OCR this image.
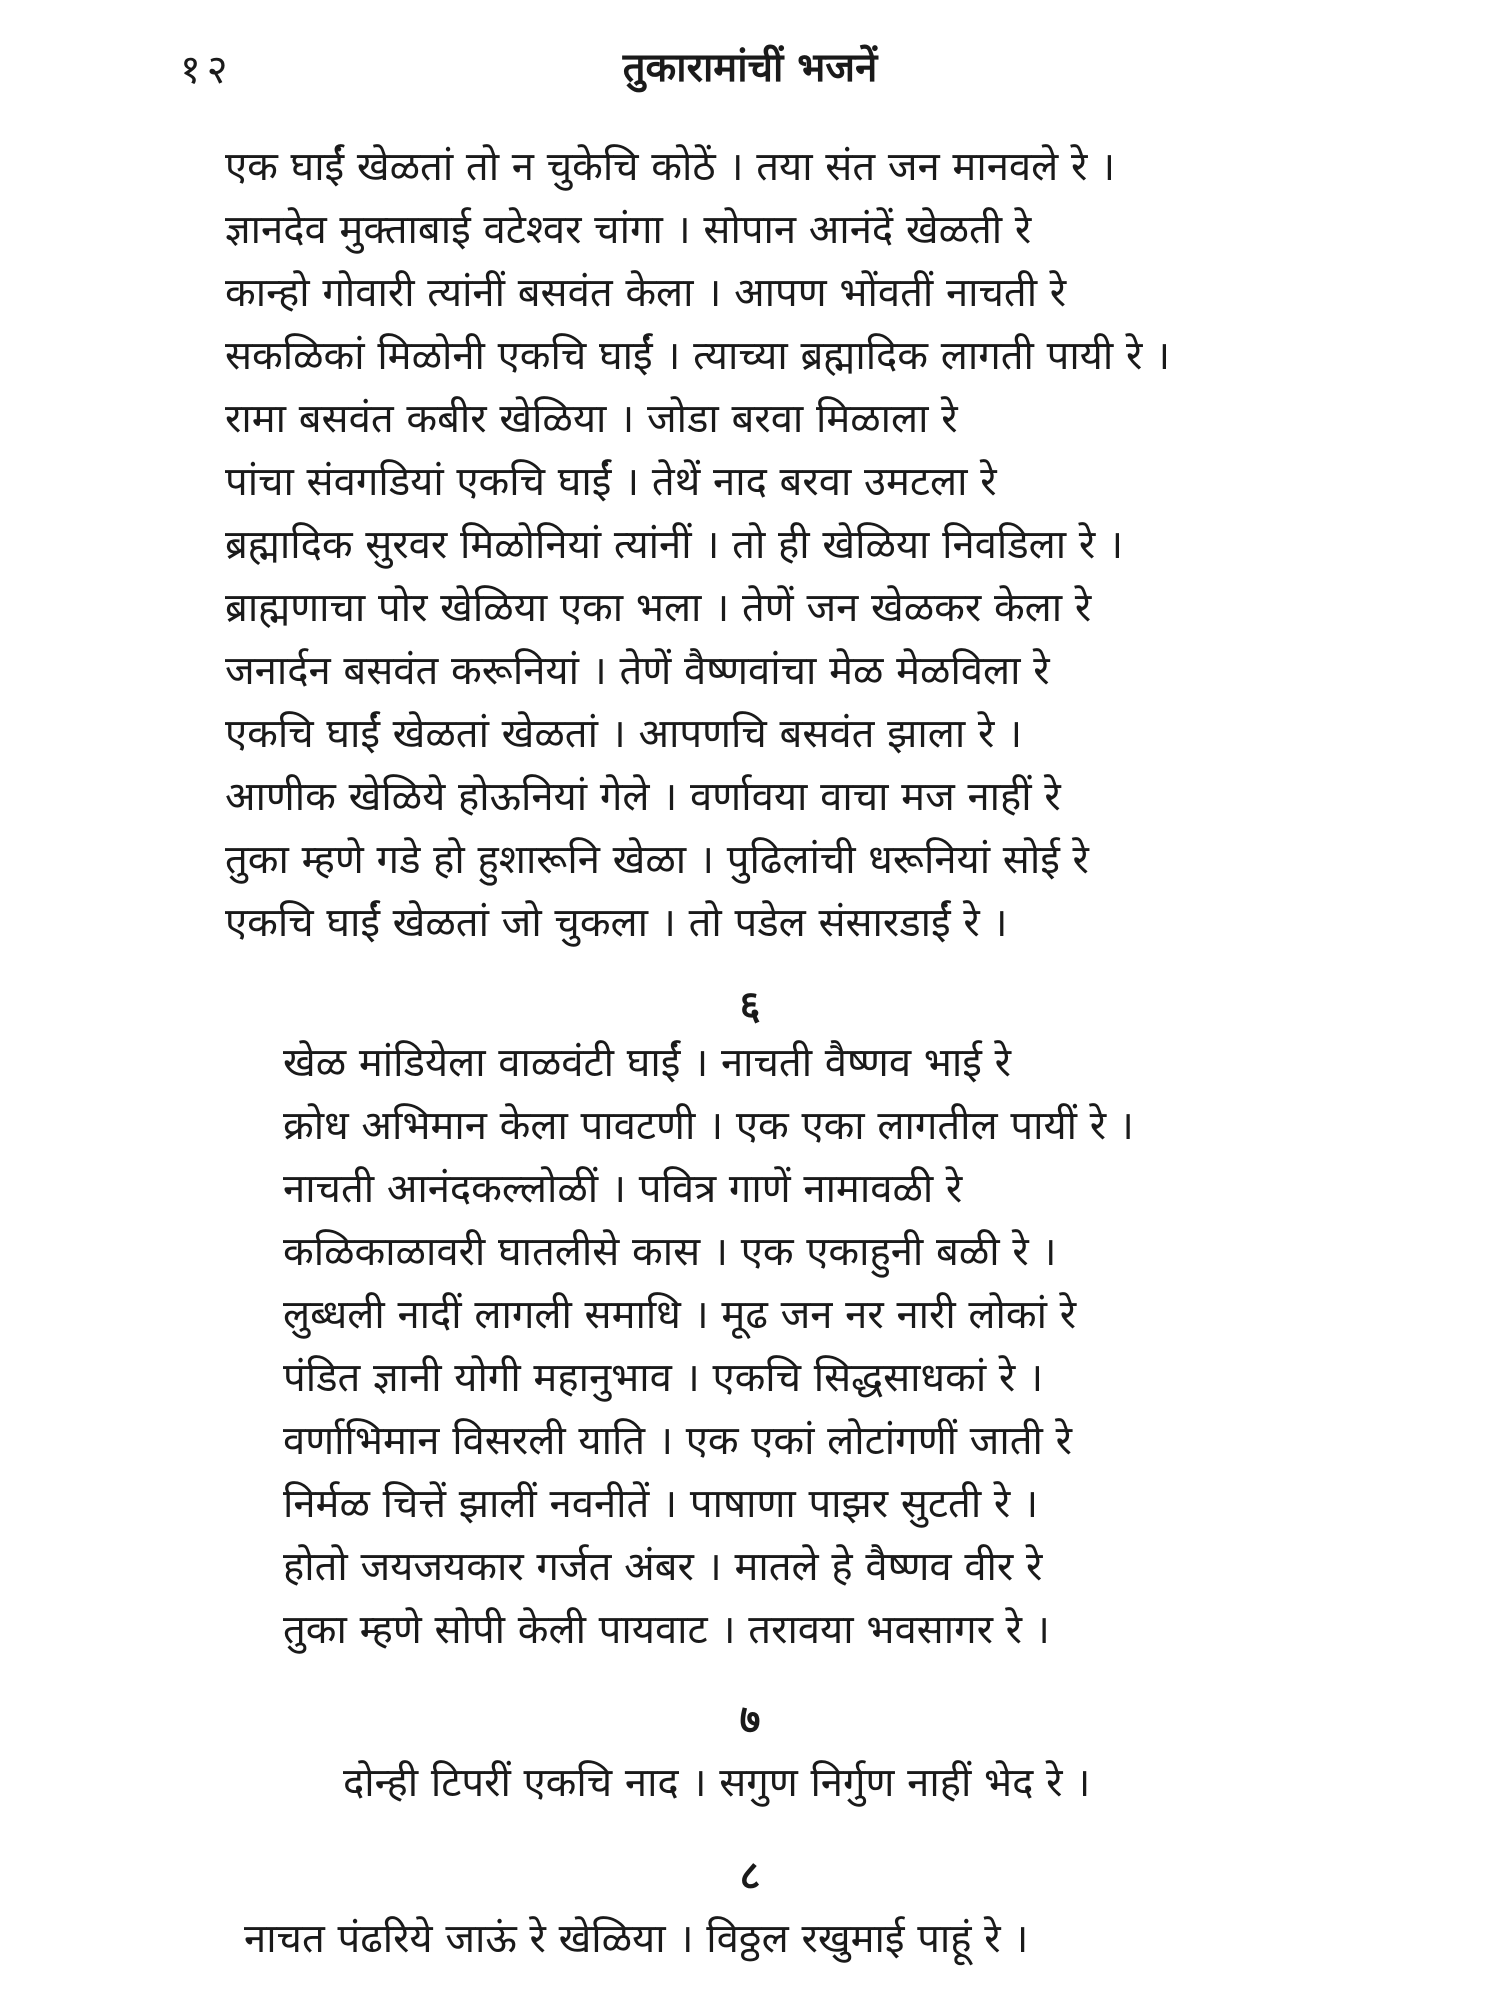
१२	तुकारामांचीं भजनें
एक घाईं खेळतां तो न चुकेचि कोठें । तया संत जन मानवले रे ।
ज्ञानदेव मुक्ताबाई वटेश्वर चांगा । सोपान आनंदें खेळती रे
कान्हो गोवारी त्यांनीं बसवंत केला । आपण भोंवतीं नाचती रे
सकळिकां मिळोनी एकचि घाईं । त्याच्या ब्रह्मादिक लागती पायी रे ।
रामा बसवंत कबीर खेळिया । जोडा बरवा मिळाला रे
पांचा संवगडियां एकचि घाईं । तेथें नाद बरवा उमटला रे
ब्रह्मादिक सुरवर मिळोनियां त्यांनीं । तो ही खेळिया निवडिला रे ।
ब्राह्मणाचा पोर खेळिया एका भला । तेणें जन खेळकर केला रे
जनार्दन बसवंत करूनियां । तेणें वैष्णवांचा मेळ मेळविला रे
एकचि घाईं खेळतां खेळतां । आपणचि बसवंत झाला रे ।
आणीक खेळिये होऊनियां गेले । वर्णावया वाचा मज नाहीं रे
तुका म्हणे गडे हो हुशारूनि खेळा । पुढिलांची धरूनियां सोई रे
एकचि घाईं खेळतां जो चुकला । तो पडेल संसारडाईं रे ।
६
खेळ मांडियेला वाळवंटी घाईं । नाचती वैष्णव भाई रे
क्रोध अभिमान केला पावटणी । एक एका लागतील पायीं रे ।
नाचती आनंदकल्लोळीं । पवित्र गाणें नामावळी रे
कळिकाळावरी घातलीसे कास । एक एकाहुनी बळी रे ।
लुब्धली नादीं लागली समाधि । मूढ जन नर नारी लोकां रे
पंडित ज्ञानी योगी महानुभाव । एकचि सिद्धसाधकां रे ।
वर्णाभिमान विसरली याति । एक एकां लोटांगणीं जाती रे
निर्मळ चित्तें झालीं नवनीतें । पाषाणा पाझर सुटती रे ।
होतो जयजयकार गर्जत अंबर । मातले हे वैष्णव वीर रे
तुका म्हणे सोपी केली पायवाट । तरावया भवसागर रे ।
७
दोन्ही टिपरीं एकचि नाद । सगुण निर्गुण नाहीं भेद रे ।
८
नाचत पंढरिये जाऊं रे खेळिया । विठ्ठल रखुमाई पाहूं रे ।
